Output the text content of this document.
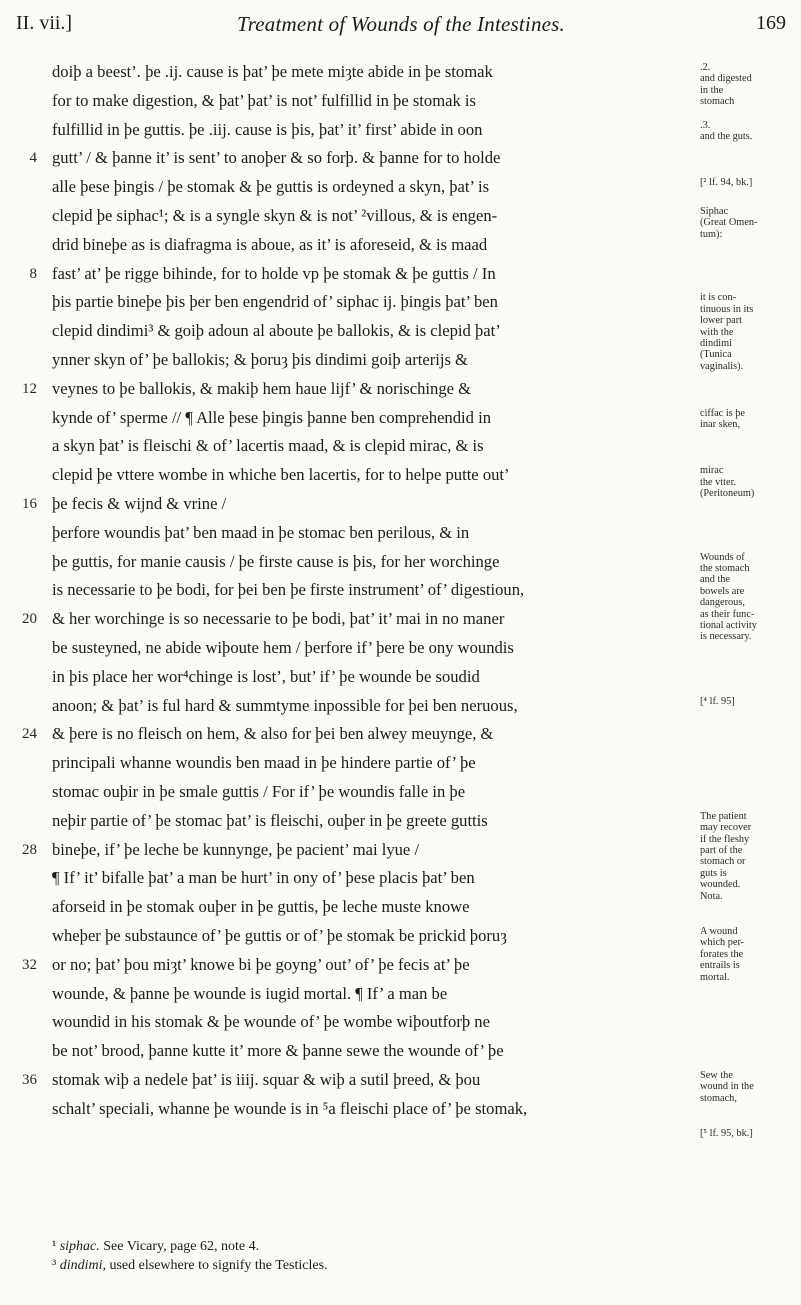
II. vii.]	Treatment of Wounds of the Intestines.	169
doiþ a beest’. þe .ij. cause is þat’ þe mete miȝte abide in þe stomak
for to make digestion, & þat’ þat’ is not’ fulfillid in þe stomak is
fulfillid in þe guttis. þe .iij. cause is þis, þat’ it’ first’ abide in oon
4 gutt’ / & þanne it’ is sent’ to anoþer & so forþ. & þanne for to holde
alle þese þingis / þe stomak & þe guttis is ordeyned a skyn, þat’ is
clepid þe siphac¹; & is a syngle skyn & is not’ ²villous, & is engen-
drid bineþe as is diafragma is aboue, as it’ is aforeseid, & is maad
8 fast’ at’ þe rigge bihinde, for to holde vp þe stomak & þe guttis / In
þis partie bineþe þis þer ben engendrid of’ siphac ij. þingis þat’ ben
clepid dindimi³ & goiþ adoun al aboute þe ballokis, & is clepid þat’
ynner skyn of’ þe ballokis; & þoruȝ þis dindimi goiþ arterijs &
12 veynes to þe ballokis, & makiþ hem haue lijf’ & norischinge &
kynde of’ sperme // ¶ Alle þese þingis þanne ben comprehendid in
a skyn þat’ is fleischi & of’ lacertis maad, & is clepid mirac, & is
clepid þe vttere wombe in whiche ben lacertis, for to helpe putte out’
16 þe fecis & wijnd & vrine /
þerfore woundis þat’ ben maad in þe stomac ben perilous, & in
þe guttis, for manie causis / þe firste cause is þis, for her worchinge
is necessarie to þe bodi, for þei ben þe firste instrument’ of’ digestioun,
20 & her worchinge is so necessarie to þe bodi, þat’ it’ mai in no maner
be susteyned, ne abide wiþoute hem / þerfore if’ þere be ony woundis
in þis place her wor⁴chinge is lost’, but’ if’ þe wounde be soudid
anoon; & þat’ is ful hard & summtyme inpossible for þei ben neruous,
24 & þere is no fleisch on hem, & also for þei ben alwey meuynge, &
principali whanne woundis ben maad in þe hindere partie of’ þe
stomac ouþir in þe smale guttis / For if’ þe woundis falle in þe
neþir partie of’ þe stomac þat’ is fleischi, ouþer in þe greete guttis
28 bineþe, if’ þe leche be kunnynge, þe pacient’ mai lyue /
¶ If’ it’ bifalle þat’ a man be hurt’ in ony of’ þese placis þat’ ben
aforseid in þe stomak ouþer in þe guttis, þe leche muste knowe
wheþer þe substaunce of’ þe guttis or of’ þe stomak be prickid þoruȝ
32 or no; þat’ þou miȝt’ knowe bi þe goyng’ out’ of’ þe fecis at’ þe
wounde, & þanne þe wounde is iugid mortal. ¶ If’ a man be
woundid in his stomak & þe wounde of’ þe wombe wiþoutforþ ne
be not’ brood, þanne kutte it’ more & þanne sewe the wounde of’ þe
36 stomak wiþ a nedele þat’ is iiij. squar & wiþ a sutil þreed, & þou
schalt’ speciali, whanne þe wounde is in ⁵a fleischi place of’ þe stomak,
.2.
and digested
in the
stomach
.3.
and the guts.
[² lf. 94, bk.]
Siphac
(Great Omen-
tum):
it is con-
tinuous in its
lower part
with the
dindimi
(Tunica
vaginalis).
ciffac is þe
inar sken,
mirac
the vtter.
(Peritoneum)
Wounds of
the stomach
and the
bowels are
dangerous,
as their func-
tional activity
is necessary.
[⁴ lf. 95]
The patient
may recover
if the fleshy
part of the
stomach or
guts is
wounded.
Nota.
A wound
which per-
forates the
entrails is
mortal.
Sew the
wound in the
stomach,
[⁵ lf. 95, bk.]
¹ siphac. See Vicary, page 62, note 4.
³ dindimi, used elsewhere to signify the Testicles.
